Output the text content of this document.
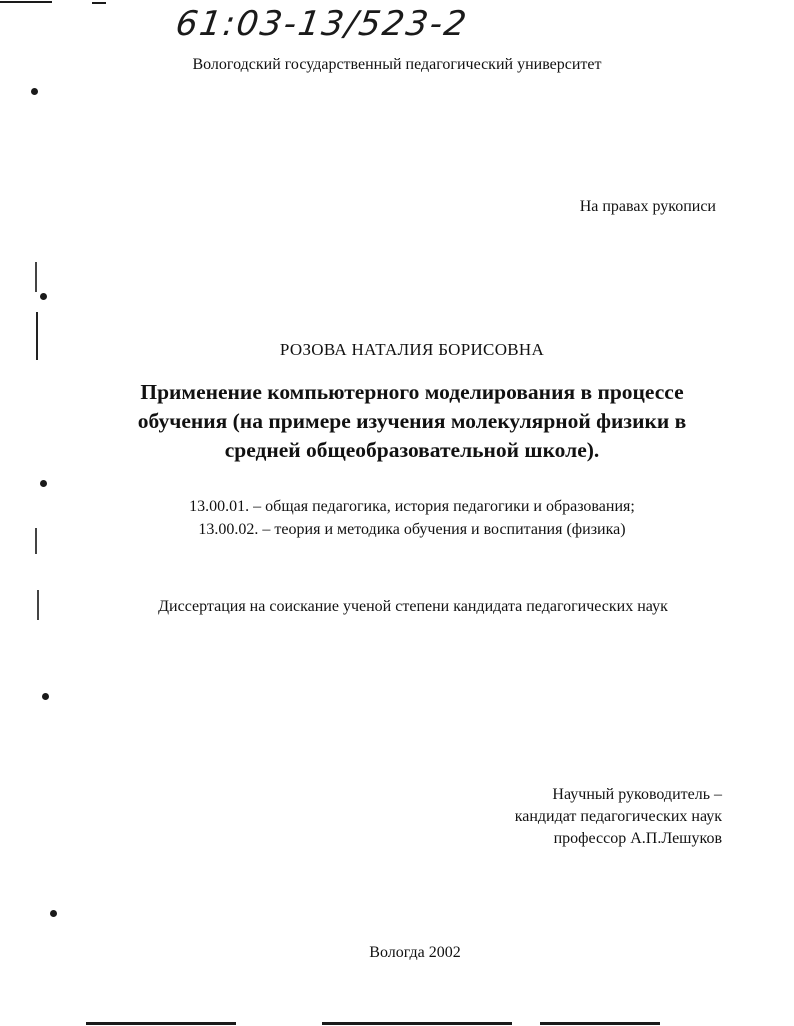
61:03-13/523-2
Вологодский государственный педагогический университет
На правах рукописи
РОЗОВА НАТАЛИЯ БОРИСОВНА
Применение компьютерного моделирования в процессе
обучения (на примере изучения молекулярной физики в
средней общеобразовательной школе).
13.00.01. – общая педагогика, история педагогики и образования;
13.00.02. – теория и методика обучения и воспитания (физика)
Диссертация на соискание ученой степени кандидата педагогических наук
Научный руководитель –
кандидат педагогических наук
профессор А.П.Лешуков
Вологда 2002
